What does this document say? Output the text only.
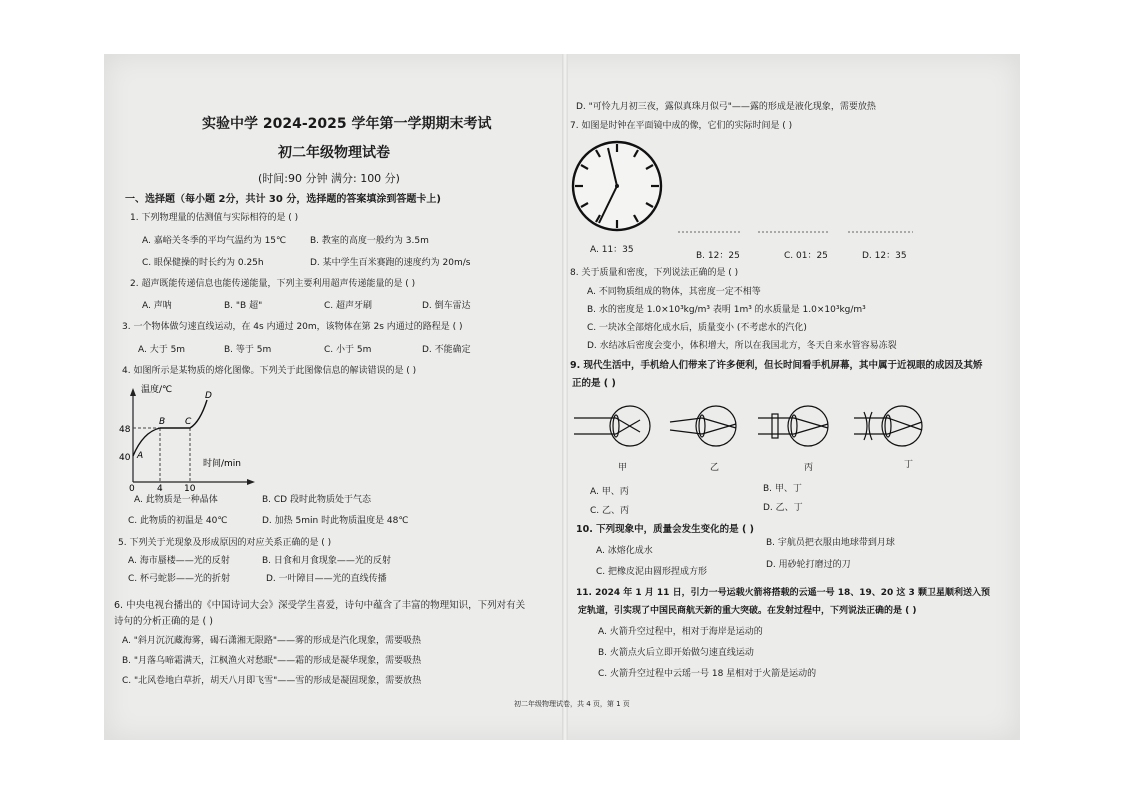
实验中学 2024-2025 学年第一学期期末考试
初二年级物理试卷
(时间:90 分钟 满分: 100 分)
一、选择题（每小题 2分，共计 30 分，选择题的答案填涂到答题卡上)
1. 下列物理量的估测值与实际相符的是 ( )
A. 嘉峪关冬季的平均气温约为 15℃	B. 教室的高度一般约为 3.5m
C. 眼保健操的时长约为 0.25h	D. 某中学生百米赛跑的速度约为 20m/s
2. 超声既能传递信息也能传递能量，下列主要利用超声传递能量的是 ( )
A. 声呐	B. "B 超"	C. 超声牙刷	D. 倒车雷达
3. 一个物体做匀速直线运动，在 4s 内通过 20m，该物体在第 2s 内通过的路程是 ( )
A. 大于 5m	B. 等于 5m	C. 小于 5m	D. 不能确定
4. 如图所示是某物质的熔化图像。下列关于此图像信息的解读错误的是 ( )
温度/℃
时间/min
48
40
0 4 10
A
B C
D
A. 此物质是一种晶体	B. CD 段时此物质处于气态
C. 此物质的初温是 40℃	D. 加热 5min 时此物质温度是 48℃
5. 下列关于光现象及形成原因的对应关系正确的是 ( )
A. 海市蜃楼——光的反射	B. 日食和月食现象——光的反射
C. 杯弓蛇影——光的折射	D. 一叶障目——光的直线传播
6. 中央电视台播出的《中国诗词大会》深受学生喜爱，诗句中蕴含了丰富的物理知识，下列对有关
诗句的分析正确的是 ( )
A. "斜月沉沉藏海雾，碣石潇湘无限路"——雾的形成是汽化现象，需要吸热
B. "月落乌啼霜满天，江枫渔火对愁眠"——霜的形成是凝华现象，需要吸热
C. "北风卷地白草折，胡天八月即飞雪"——雪的形成是凝固现象，需要放热
D. "可怜九月初三夜，露似真珠月似弓"——露的形成是液化现象，需要放热
7. 如图是时钟在平面镜中成的像，它们的实际时间是 ( )
A. 11：35
B. 12：25	C. 01：25	D. 12：35
8. 关于质量和密度，下列说法正确的是 ( )
A. 不同物质组成的物体，其密度一定不相等
B. 水的密度是 1.0×10³kg/m³ 表明 1m³ 的水质量是 1.0×10³kg/m³
C. 一块冰全部熔化成水后，质量变小 (不考虑水的汽化)
D. 水结冰后密度会变小，体积增大，所以在我国北方，冬天自来水管容易冻裂
9. 现代生活中，手机给人们带来了许多便利，但长时间看手机屏幕，其中属于近视眼的成因及其矫
正的是 ( )
甲	乙	丙	丁
A. 甲、丙	B. 甲、丁
C. 乙、丙	D. 乙、丁
10. 下列现象中，质量会发生变化的是 ( )
A. 冰熔化成水
B. 宇航员把衣服由地球带到月球
C. 把橡皮泥由圆形捏成方形
D. 用砂轮打磨过的刀
11. 2024 年 1 月 11 日，引力一号运载火箭将搭载的云遥一号 18、19、20 这 3 颗卫星顺利送入预
定轨道，引实现了中国民商航天新的重大突破。在发射过程中，下列说法正确的是 ( )
A. 火箭升空过程中，相对于海岸是运动的
B. 火箭点火后立即开始做匀速直线运动
C. 火箭升空过程中云瑶一号 18 星相对于火箭是运动的
初二年级物理试卷，共 4 页，第 1 页
